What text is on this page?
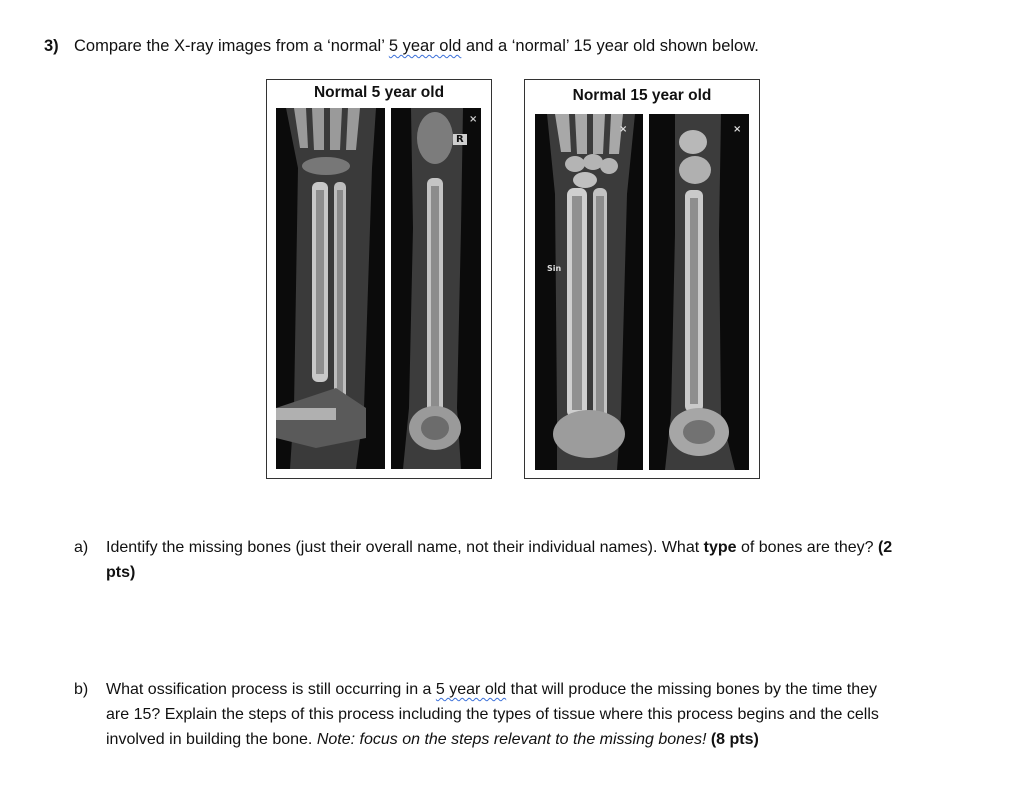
3) Compare the X-ray images from a ‘normal’ 5 year old and a ‘normal’ 15 year old shown below.
Normal 5 year old
R
×
Normal 15 year old
×
Sin
×
a) Identify the missing bones (just their overall name, not their individual names). What type of bones are they? (2
pts)
b) What ossification process is still occurring in a 5 year old that will produce the missing bones by the time they
are 15? Explain the steps of this process including the types of tissue where this process begins and the cells
involved in building the bone. Note: focus on the steps relevant to the missing bones! (8 pts)
